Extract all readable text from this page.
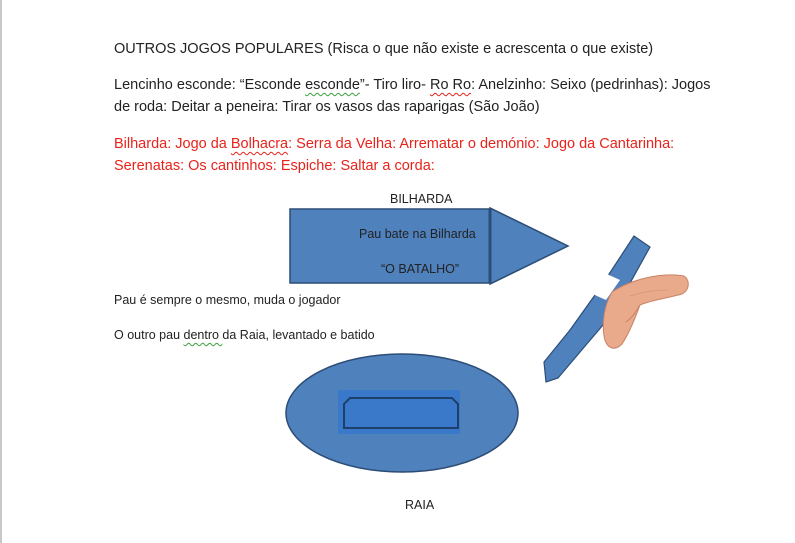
OUTROS JOGOS POPULARES (Risca o que não existe e acrescenta o que existe)
Lencinho esconde: “Esconde esconde”- Tiro liro- Ro Ro: Anelzinho: Seixo (pedrinhas): Jogos
de roda: Deitar a peneira: Tirar os vasos das raparigas (São João)
Bilharda: Jogo da Bolhacra: Serra da Velha: Arrematar o demónio: Jogo da Cantarinha:
Serenatas: Os cantinhos: Espiche: Saltar a corda:
BILHARDA
Pau bate na Bilharda
“O BATALHO”
Pau é sempre o mesmo, muda o jogador
O outro pau dentro da Raia, levantado e batido
RAIA
